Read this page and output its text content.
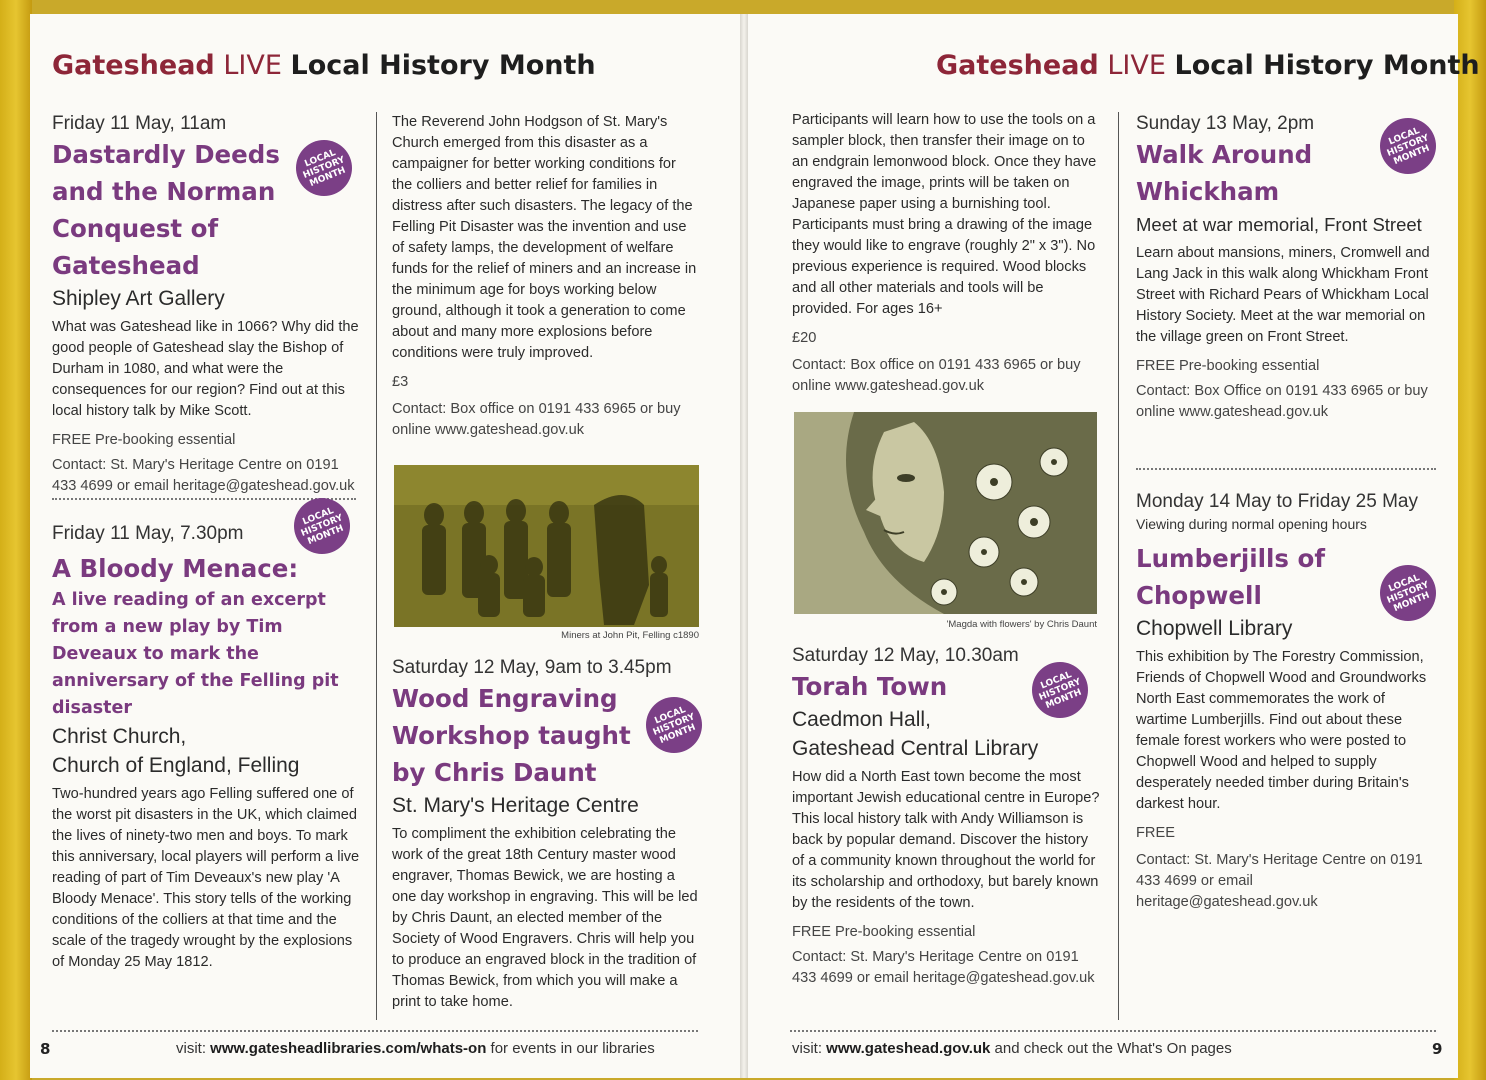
Gateshead LIVE Local History Month	Gateshead LIVE Local History Month
Friday 11 May, 11am
Dastardly Deeds and the Norman Conquest of Gateshead
Shipley Art Gallery
What was Gateshead like in 1066? Why did the good people of Gateshead slay the Bishop of Durham in 1080, and what were the consequences for our region? Find out at this local history talk by Mike Scott.
FREE Pre-booking essential
Contact: St. Mary's Heritage Centre on 0191 433 4699 or email heritage@gateshead.gov.uk
LOCAL HISTORY MONTH
Friday 11 May, 7.30pm
A Bloody Menace:
A live reading of an excerpt from a new play by Tim Deveaux to mark the anniversary of the Felling pit disaster
Christ Church,
Church of England, Felling
Two-hundred years ago Felling suffered one of the worst pit disasters in the UK, which claimed the lives of ninety-two men and boys. To mark this anniversary, local players will perform a live reading of part of Tim Deveaux's new play 'A Bloody Menace'. This story tells of the working conditions of the colliers at that time and the scale of the tragedy wrought by the explosions of Monday 25 May 1812.
LOCAL HISTORY MONTH
The Reverend John Hodgson of St. Mary's Church emerged from this disaster as a campaigner for better working conditions for the colliers and better relief for families in distress after such disasters. The legacy of the Felling Pit Disaster was the invention and use of safety lamps, the development of welfare funds for the relief of miners and an increase in the minimum age for boys working below ground, although it took a generation to come about and many more explosions before conditions were truly improved.
£3
Contact: Box office on 0191 433 6965 or buy online www.gateshead.gov.uk
Miners at John Pit, Felling c1890
Saturday 12 May, 9am to 3.45pm
Wood Engraving Workshop taught by Chris Daunt
St. Mary's Heritage Centre
To compliment the exhibition celebrating the work of the great 18th Century master wood engraver, Thomas Bewick, we are hosting a one day workshop in engraving. This will be led by Chris Daunt, an elected member of the Society of Wood Engravers. Chris will help you to produce an engraved block in the tradition of Thomas Bewick, from which you will make a print to take home.
LOCAL HISTORY MONTH
8	visit: www.gatesheadlibraries.com/whats-on for events in our libraries
Participants will learn how to use the tools on a sampler block, then transfer their image on to an endgrain lemonwood block. Once they have engraved the image, prints will be taken on Japanese paper using a burnishing tool. Participants must bring a drawing of the image they would like to engrave (roughly 2" x 3"). No previous experience is required. Wood blocks and all other materials and tools will be provided. For ages 16+
£20
Contact: Box office on 0191 433 6965 or buy online www.gateshead.gov.uk
'Magda with flowers' by Chris Daunt
Saturday 12 May, 10.30am
Torah Town
Caedmon Hall,
Gateshead Central Library
How did a North East town become the most important Jewish educational centre in Europe? This local history talk with Andy Williamson is back by popular demand. Discover the history of a community known throughout the world for its scholarship and orthodoxy, but barely known by the residents of the town.
FREE Pre-booking essential
Contact: St. Mary's Heritage Centre on 0191 433 4699 or email heritage@gateshead.gov.uk
LOCAL HISTORY MONTH
Sunday 13 May, 2pm
Walk Around Whickham
Meet at war memorial, Front Street
Learn about mansions, miners, Cromwell and Lang Jack in this walk along Whickham Front Street with Richard Pears of Whickham Local History Society. Meet at the war memorial on the village green on Front Street.
FREE Pre-booking essential
Contact: Box Office on 0191 433 6965 or buy online www.gateshead.gov.uk
LOCAL HISTORY MONTH
Monday 14 May to Friday 25 May
Viewing during normal opening hours
Lumberjills of Chopwell
Chopwell Library
This exhibition by The Forestry Commission, Friends of Chopwell Wood and Groundworks North East commemorates the work of wartime Lumberjills. Find out about these female forest workers who were posted to Chopwell Wood and helped to supply desperately needed timber during Britain's darkest hour.
FREE
Contact: St. Mary's Heritage Centre on 0191 433 4699 or email heritage@gateshead.gov.uk
LOCAL HISTORY MONTH
visit: www.gateshead.gov.uk and check out the What's On pages	9
